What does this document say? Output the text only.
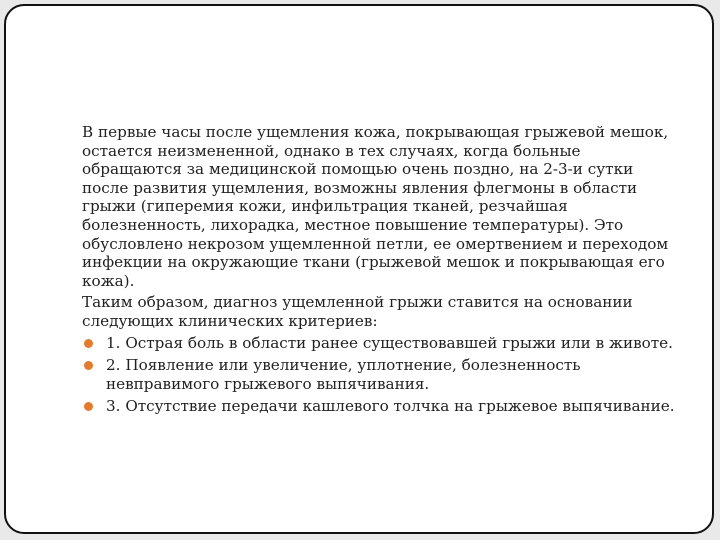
В первые часы после ущемления кожа, покрывающая грыжевой мешок, остается неизмененной, однако в тех случаях, когда больные обращаются за медицинской помощью очень поздно, на 2-3-и сутки после развития ущемления, возможны явления флегмоны в области грыжи (гиперемия кожи, инфильтрация тканей, резчайшая болезненность, лихорадка, местное повышение температуры). Это обусловлено некрозом ущемленной петли, ее омертвением и переходом инфекции на окружающие ткани (грыжевой мешок и покрывающая его кожа).

Таким образом, диагноз ущемленной грыжи ставится на основании следующих клинических критериев:

1. Острая боль в области ранее существовавшей грыжи или в животе.
2. Появление или увеличение, уплотнение, болезненность невправимого грыжевого выпячивания.
3. Отсутствие передачи кашлевого толчка на грыжевое выпячивание.
